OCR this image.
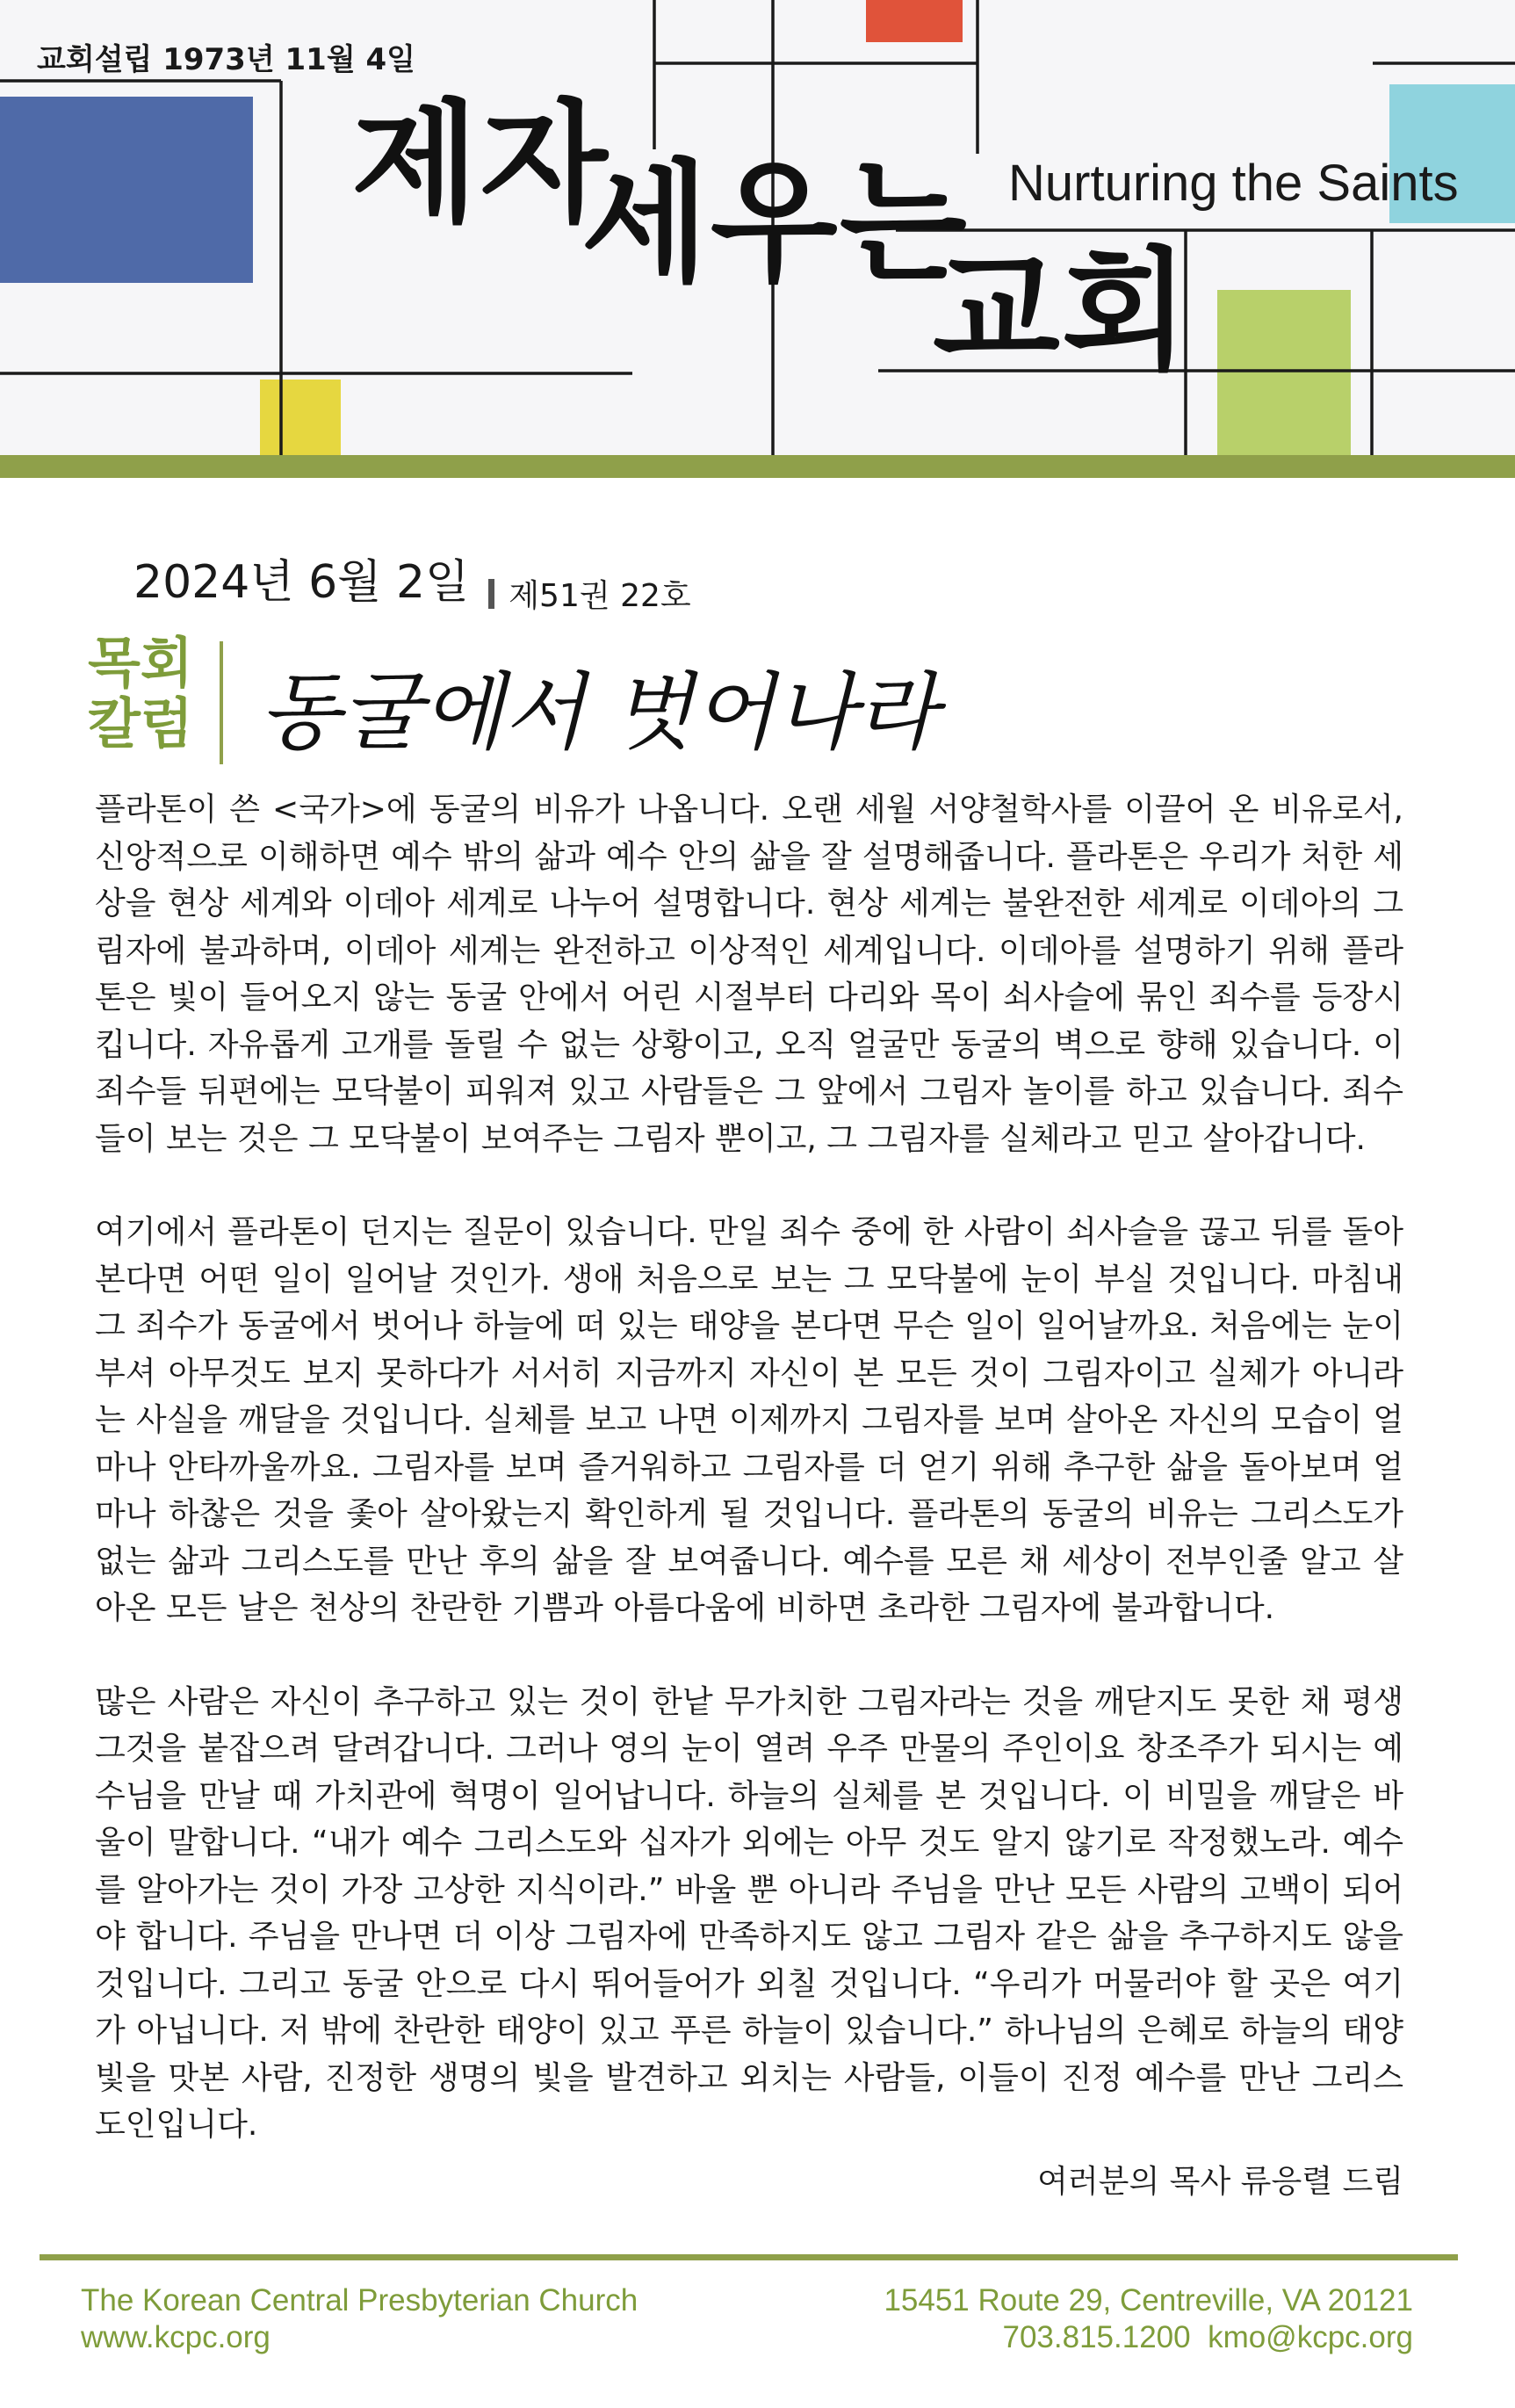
교회설립 1973년 11월 4일
제자
세우는
교회
Nurturing the Saints
2024년 6월 2일 제51권 22호
목회
칼럼 동굴에서 벗어나라

플라톤이 쓴 <국가>에 동굴의 비유가 나옵니다. 오랜 세월 서양철학사를 이끌어 온 비유로서, 신앙적으로 이해하면 예수 밖의 삶과 예수 안의 삶을 잘 설명해줍니다. 플라톤은 우리가 처한 세상을 현상 세계와 이데아 세계로 나누어 설명합니다. 현상 세계는 불완전한 세계로 이데아의 그림자에 불과하며, 이데아 세계는 완전하고 이상적인 세계입니다. 이데아를 설명하기 위해 플라톤은 빛이 들어오지 않는 동굴 안에서 어린 시절부터 다리와 목이 쇠사슬에 묶인 죄수를 등장시킵니다. 자유롭게 고개를 돌릴 수 없는 상황이고, 오직 얼굴만 동굴의 벽으로 향해 있습니다. 이 죄수들 뒤편에는 모닥불이 피워져 있고 사람들은 그 앞에서 그림자 놀이를 하고 있습니다. 죄수들이 보는 것은 그 모닥불이 보여주는 그림자 뿐이고, 그 그림자를 실체라고 믿고 살아갑니다.

여기에서 플라톤이 던지는 질문이 있습니다. 만일 죄수 중에 한 사람이 쇠사슬을 끊고 뒤를 돌아본다면 어떤 일이 일어날 것인가. 생애 처음으로 보는 그 모닥불에 눈이 부실 것입니다. 마침내 그 죄수가 동굴에서 벗어나 하늘에 떠 있는 태양을 본다면 무슨 일이 일어날까요. 처음에는 눈이 부셔 아무것도 보지 못하다가 서서히 지금까지 자신이 본 모든 것이 그림자이고 실체가 아니라는 사실을 깨달을 것입니다. 실체를 보고 나면 이제까지 그림자를 보며 살아온 자신의 모습이 얼마나 안타까울까요. 그림자를 보며 즐거워하고 그림자를 더 얻기 위해 추구한 삶을 돌아보며 얼마나 하찮은 것을 좇아 살아왔는지 확인하게 될 것입니다. 플라톤의 동굴의 비유는 그리스도가 없는 삶과 그리스도를 만난 후의 삶을 잘 보여줍니다. 예수를 모른 채 세상이 전부인줄 알고 살아온 모든 날은 천상의 찬란한 기쁨과 아름다움에 비하면 초라한 그림자에 불과합니다.

많은 사람은 자신이 추구하고 있는 것이 한낱 무가치한 그림자라는 것을 깨닫지도 못한 채 평생 그것을 붙잡으려 달려갑니다. 그러나 영의 눈이 열려 우주 만물의 주인이요 창조주가 되시는 예수님을 만날 때 가치관에 혁명이 일어납니다. 하늘의 실체를 본 것입니다. 이 비밀을 깨달은 바울이 말합니다. “내가 예수 그리스도와 십자가 외에는 아무 것도 알지 않기로 작정했노라. 예수를 알아가는 것이 가장 고상한 지식이라.” 바울 뿐 아니라 주님을 만난 모든 사람의 고백이 되어야 합니다. 주님을 만나면 더 이상 그림자에 만족하지도 않고 그림자 같은 삶을 추구하지도 않을 것입니다. 그리고 동굴 안으로 다시 뛰어들어가 외칠 것입니다. “우리가 머물러야 할 곳은 여기가 아닙니다. 저 밖에 찬란한 태양이 있고 푸른 하늘이 있습니다.” 하나님의 은혜로 하늘의 태양 빛을 맛본 사람, 진정한 생명의 빛을 발견하고 외치는 사람들, 이들이 진정 예수를 만난 그리스도인입니다.

여러분의 목사 류응렬 드림
The Korean Central Presbyterian Church
www.kcpc.org
15451 Route 29, Centreville, VA 20121
703.815.1200 kmo@kcpc.org
